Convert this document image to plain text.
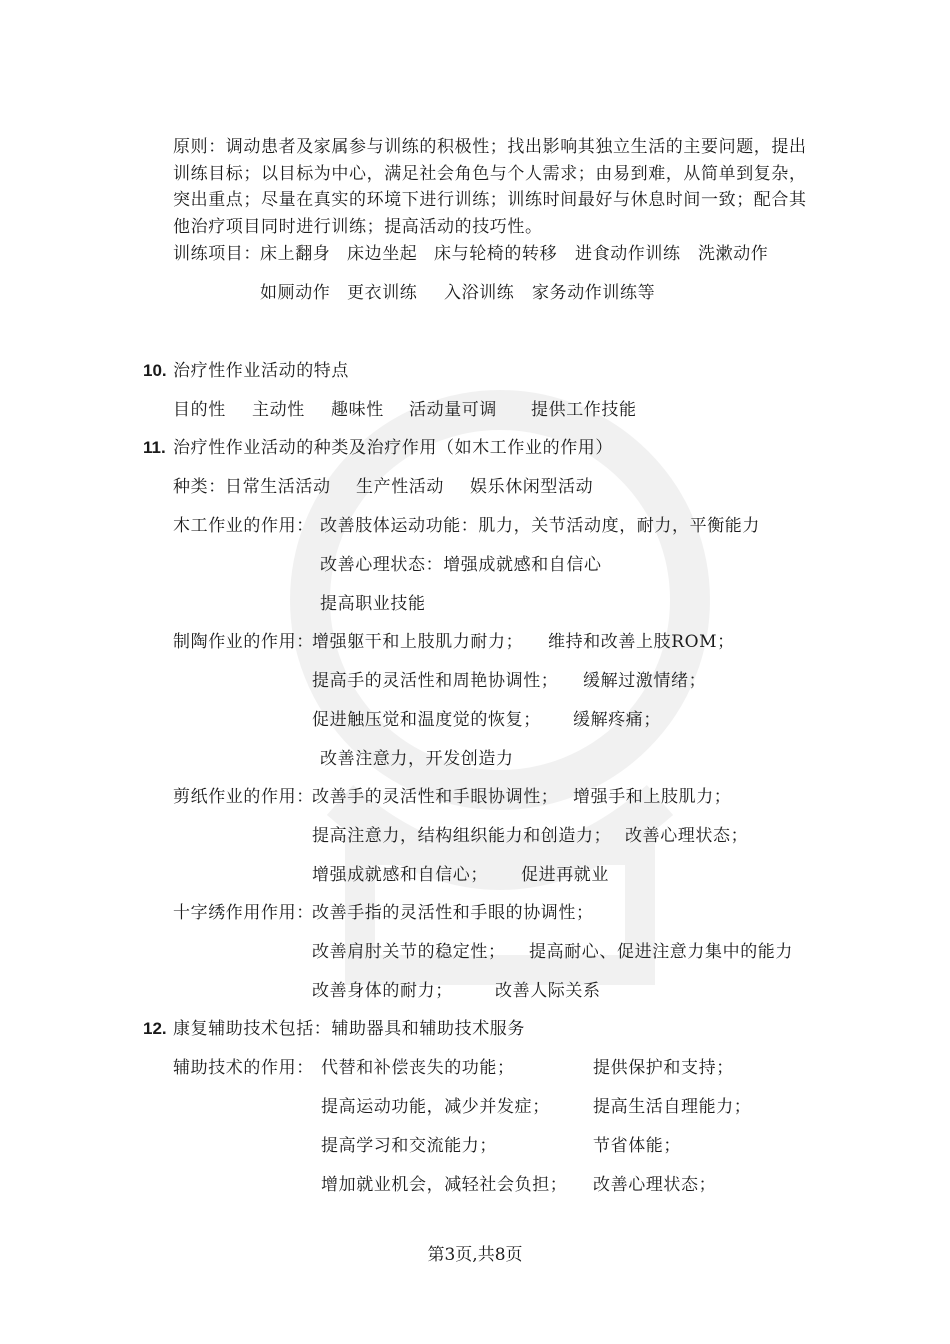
原则：调动患者及家属参与训练的积极性；找出影响其独立生活的主要问题，提出训练目标；以目标为中心，满足社会角色与个人需求；由易到难，从简单到复杂，突出重点；尽量在真实的环境下进行训练；训练时间最好与休息时间一致；配合其他治疗项目同时进行训练；提高活动的技巧性。

训练项目： 床上翻身 床边坐起 床与轮椅的转移 进食动作训练 洗漱动作
如厕动作 更衣训练 入浴训练 家务动作训练等
10. 治疗性作业活动的特点
目的性 主动性 趣味性 活动量可调 提供工作技能
11. 治疗性作业活动的种类及治疗作用（如木工作业的作用）
种类： 日常生活活动 生产性活动 娱乐休闲型活动
木工作业的作用： 改善肢体运动功能：肌力，关节活动度，耐力，平衡能力
改善心理状态：增强成就感和自信心
提高职业技能
制陶作业的作用：
增强躯干和上肢肌力耐力； 维持和改善上肢ROM；
提高手的灵活性和周艳协调性； 缓解过激情绪；
促进触压觉和温度觉的恢复； 缓解疼痛；
改善注意力，开发创造力
剪纸作业的作用：
改善手的灵活性和手眼协调性； 增强手和上肢肌力；
提高注意力，结构组织能力和创造力； 改善心理状态；
增强成就感和自信心； 促进再就业
十字绣作用作用：
改善手指的灵活性和手眼的协调性；
改善肩肘关节的稳定性； 提高耐心、促进注意力集中的能力
改善身体的耐力； 改善人际关系
12. 康复辅助技术包括：辅助器具和辅助技术服务
辅助技术的作用： 代替和补偿丧失的功能；	提供保护和支持；
提高运动功能，减少并发症；	提高生活自理能力；
提高学习和交流能力；	节省体能；
增加就业机会，减轻社会负担； 改善心理状态；
第3页,共8页
